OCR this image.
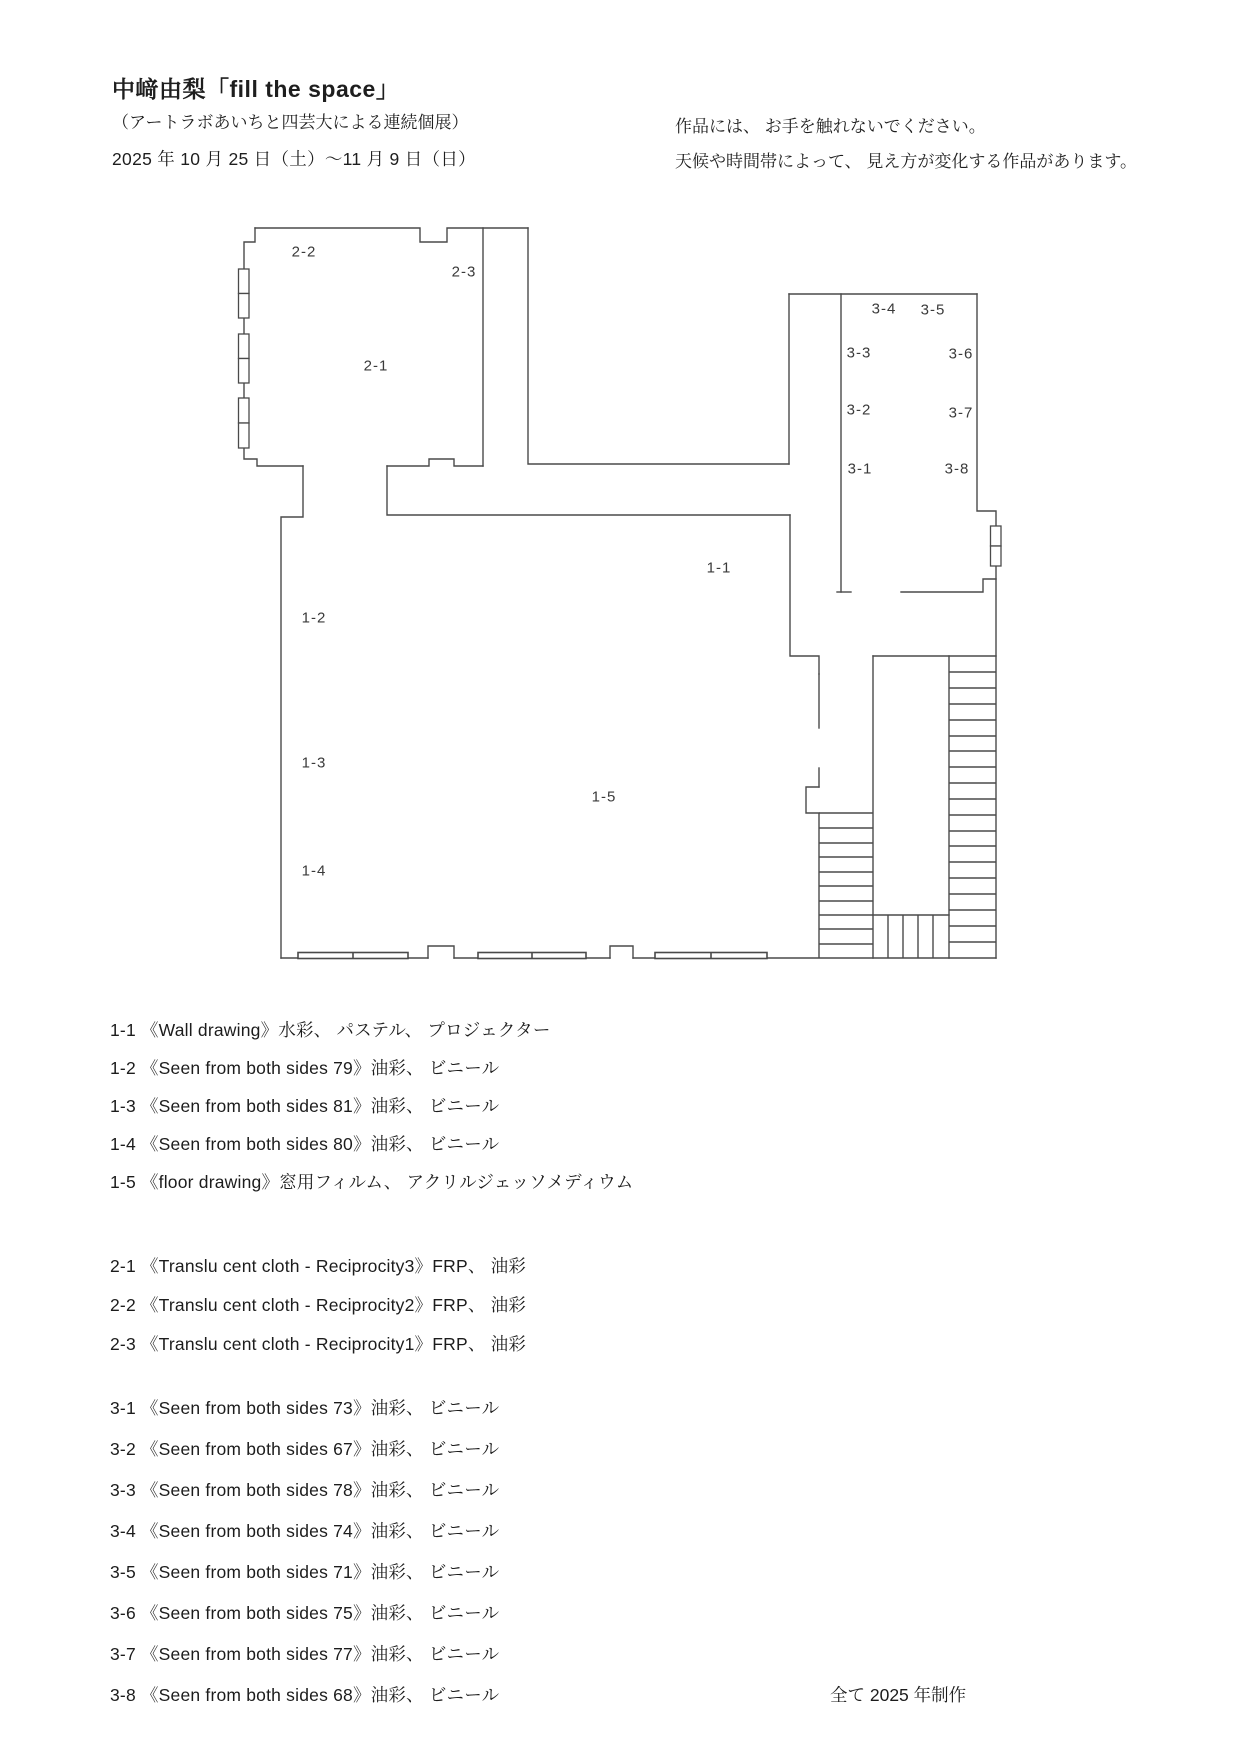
中﨑由梨「fill the space」
（アートラボあいちと四芸大による連続個展）
2025 年 10 月 25 日（土）～11 月 9 日（日）
作品には、 お手を触れないでください。
天候や時間帯によって、 見え方が変化する作品があります。
2-2
2-3
2-1
1-1
1-2
1-3
1-4
1-5
3-4 3-5
3-3	3-6
3-2	3-7
3-1	3-8
1-1 《Wall drawing》水彩、 パステル、 プロジェクター
1-2 《Seen from both sides 79》油彩、 ビニール
1-3 《Seen from both sides 81》油彩、 ビニール
1-4 《Seen from both sides 80》油彩、 ビニール
1-5 《floor drawing》窓用フィルム、 アクリルジェッソメディウム
2-1 《Translu cent cloth - Reciprocity3》FRP、 油彩
2-2 《Translu cent cloth - Reciprocity2》FRP、 油彩
2-3 《Translu cent cloth - Reciprocity1》FRP、 油彩
3-1 《Seen from both sides 73》油彩、 ビニール
3-2 《Seen from both sides 67》油彩、 ビニール
3-3 《Seen from both sides 78》油彩、 ビニール
3-4 《Seen from both sides 74》油彩、 ビニール
3-5 《Seen from both sides 71》油彩、 ビニール
3-6 《Seen from both sides 75》油彩、 ビニール
3-7 《Seen from both sides 77》油彩、 ビニール
3-8 《Seen from both sides 68》油彩、 ビニール	全て 2025 年制作
